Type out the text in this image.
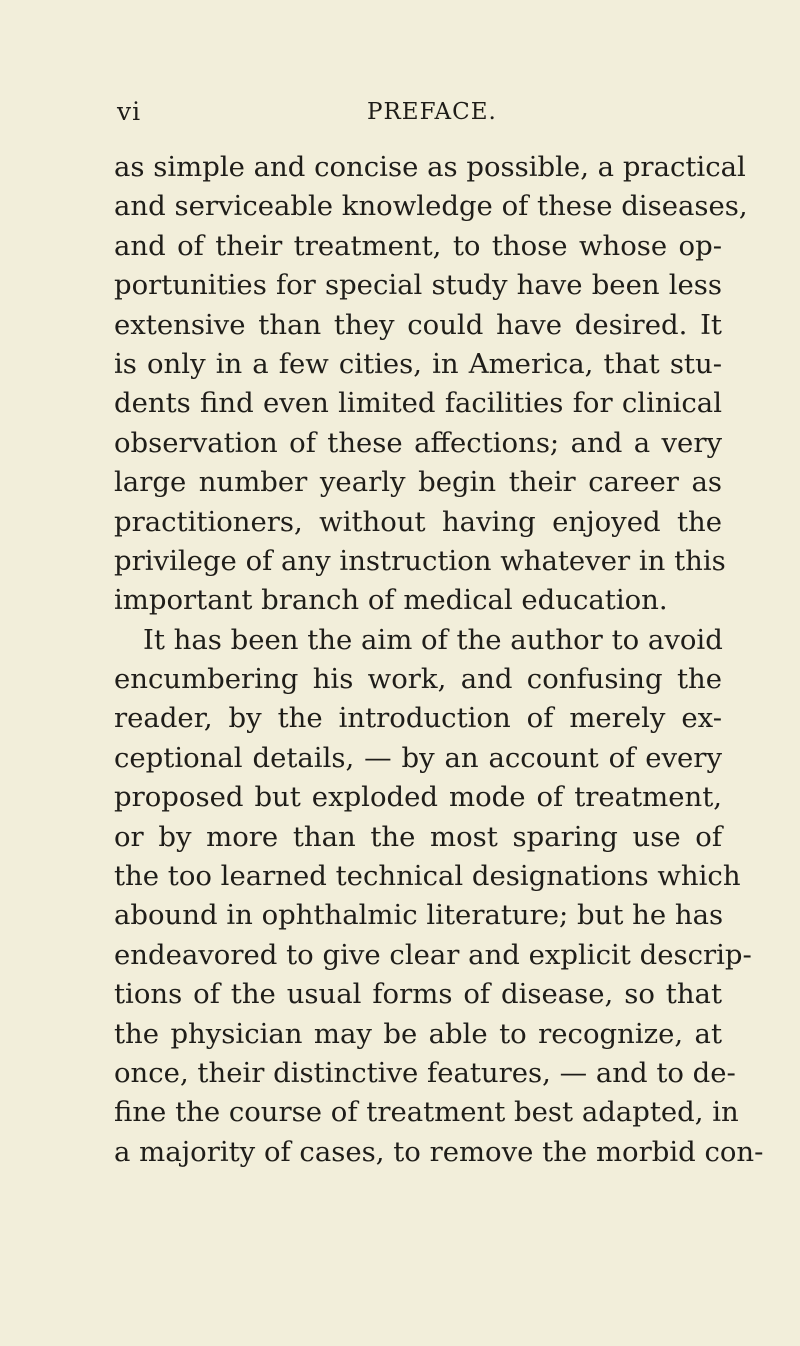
vi	PREFACE.
as simple and concise as possible, a practical
and serviceable knowledge of these diseases,
and of their treatment, to those whose op-
portunities for special study have been less
extensive than they could have desired. It
is only in a few cities, in America, that stu-
dents find even limited facilities for clinical
observation of these affections; and a very
large number yearly begin their career as
practitioners, without having enjoyed the
privilege of any instruction whatever in this
important branch of medical education.
It has been the aim of the author to avoid
encumbering his work, and confusing the
reader, by the introduction of merely ex-
ceptional details, — by an account of every
proposed but exploded mode of treatment,
or by more than the most sparing use of
the too learned technical designations which
abound in ophthalmic literature; but he has
endeavored to give clear and explicit descrip-
tions of the usual forms of disease, so that
the physician may be able to recognize, at
once, their distinctive features, — and to de-
fine the course of treatment best adapted, in
a majority of cases, to remove the morbid con-
